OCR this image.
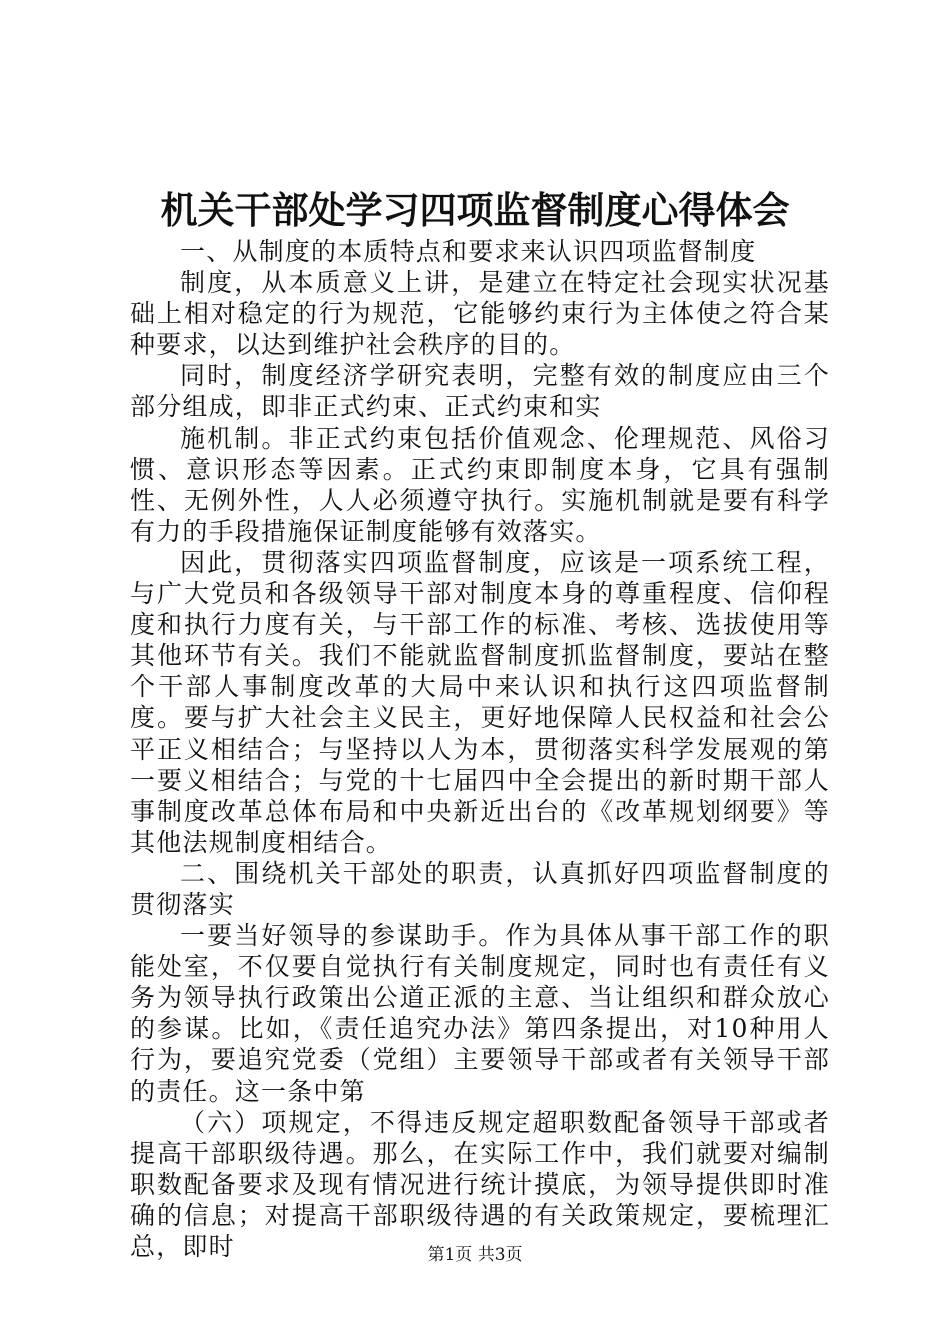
机关干部处学习四项监督制度心得体会

一、从制度的本质特点和要求来认识四项监督制度

制度，从本质意义上讲，是建立在特定社会现实状况基础上相对稳定的行为规范，它能够约束行为主体使之符合某种要求，以达到维护社会秩序的目的。

同时，制度经济学研究表明，完整有效的制度应由三个部分组成，即非正式约束、正式约束和实

施机制。非正式约束包括价值观念、伦理规范、风俗习惯、意识形态等因素。正式约束即制度本身，它具有强制性、无例外性，人人必须遵守执行。实施机制就是要有科学有力的手段措施保证制度能够有效落实。

因此，贯彻落实四项监督制度，应该是一项系统工程，与广大党员和各级领导干部对制度本身的尊重程度、信仰程度和执行力度有关，与干部工作的标准、考核、选拔使用等其他环节有关。我们不能就监督制度抓监督制度，要站在整个干部人事制度改革的大局中来认识和执行这四项监督制度。要与扩大社会主义民主，更好地保障人民权益和社会公平正义相结合；与坚持以人为本，贯彻落实科学发展观的第一要义相结合；与党的十七届四中全会提出的新时期干部人事制度改革总体布局和中央新近出台的《改革规划纲要》等其他法规制度相结合。

二、围绕机关干部处的职责，认真抓好四项监督制度的贯彻落实

一要当好领导的参谋助手。作为具体从事干部工作的职能处室，不仅要自觉执行有关制度规定，同时也有责任有义务为领导执行政策出公道正派的主意、当让组织和群众放心的参谋。比如，《责任追究办法》第四条提出，对10种用人行为，要追究党委（党组）主要领导干部或者有关领导干部的责任。这一条中第

（六）项规定，不得违反规定超职数配备领导干部或者提高干部职级待遇。那么，在实际工作中，我们就要对编制职数配备要求及现有情况进行统计摸底，为领导提供即时准确的信息；对提高干部职级待遇的有关政策规定，要梳理汇总，即时	第1页 共3页
